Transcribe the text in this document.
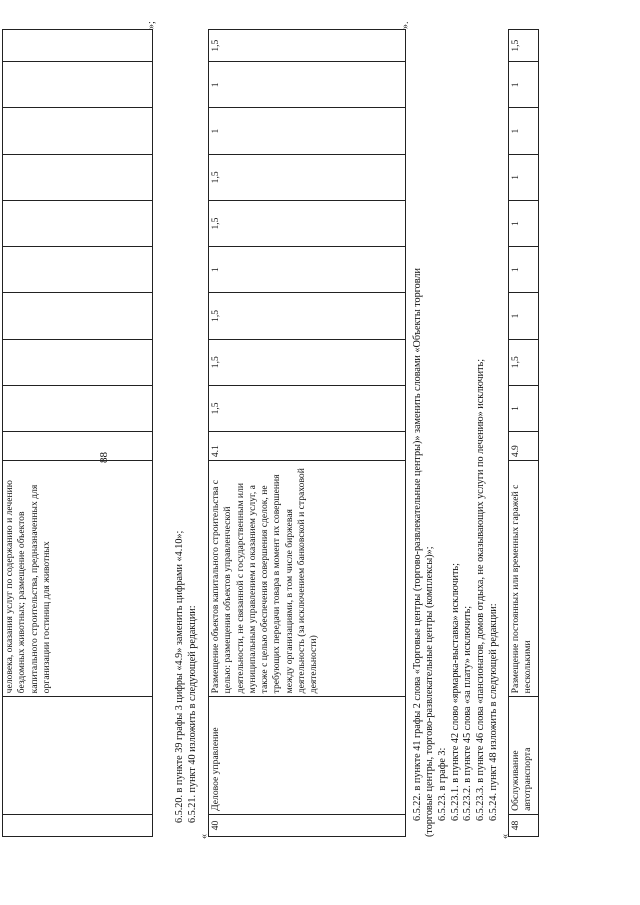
88
		человека, оказания услуг по содержанию и лечению бездомных животных; размещение объектов капитального строительства, предназначенных для организации гостиниц для животных										
»;
6.5.20. в пункте 39 графы 3 цифры «4.9» заменить цифрами «4.10»; 6.5.21. пункт 40 изложить в следующей редакции:
«
40	Деловое управление	Размещение объектов капитального строительства с целью: размещения объектов управленческой деятельности, не связанной с государственным или муниципальным управлением и оказанием услуг, а также с целью обеспечения совершения сделок, не требующих передачи товара в момент их совершения между организациями, в том числе биржевая деятельность (за исключением банковской и страховой деятельности)	4.1	1,5	1,5	1,5	1	1,5	1,5	1	1	1,5
».
6.5.22. в пункте 41 графы 2 слова «Торговые центры (торгово-развлекательные центры)» заменить словами «Объекты торговли (торговые центры, торгово-развлекательные центры (комплексы)»; 6.5.23. в графе 3: 6.5.23.1. в пункте 42 слово «ярмарка-выставка» исключить; 6.5.23.2. в пункте 45 слова «за плату» исключить; 6.5.23.3. в пункте 46 слова «пансионатов, домов отдыха, не оказывающих услуги по лечению» исключить; 6.5.24. пункт 48 изложить в следующей редакции:
«
48	Обслуживание автотранспорта	Размещение постоянных или временных гаражей с несколькими	4.9	1	1,5	1	1	1	1	1	1	1,5
